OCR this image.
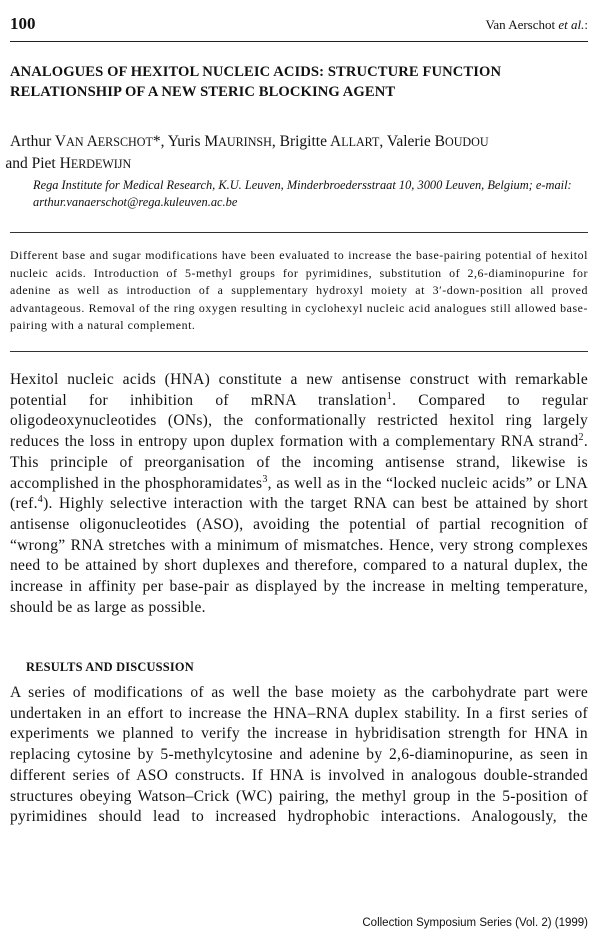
100	Van Aerschot et al.:
ANALOGUES OF HEXITOL NUCLEIC ACIDS: STRUCTURE FUNCTION RELATIONSHIP OF A NEW STERIC BLOCKING AGENT
Arthur VAN AERSCHOT*, Yuris MAURINSH, Brigitte ALLART, Valerie BOUDOU
and Piet HERDEWIJN
Rega Institute for Medical Research, K.U. Leuven, Minderbroedersstraat 10, 3000 Leuven, Belgium; e-mail: arthur.vanaerschot@rega.kuleuven.ac.be

Different base and sugar modifications have been evaluated to increase the base-pairing potential of hexitol nucleic acids. Introduction of 5-methyl groups for pyrimidines, substitution of 2,6-diaminopurine for adenine as well as introduction of a supplementary hydroxyl moiety at 3′-down-position all proved advantageous. Removal of the ring oxygen resulting in cyclohexyl nucleic acid analogues still allowed base-pairing with a natural complement.

Hexitol nucleic acids (HNA) constitute a new antisense construct with remarkable potential for inhibition of mRNA translation$^1$. Compared to regular oligodeoxynucleotides (ONs), the conformationally restricted hexitol ring largely reduces the loss in entropy upon duplex formation with a complementary RNA strand$^2$. This principle of preorganisation of the incoming antisense strand, likewise is accomplished in the phosphoramidates$^3$, as well as in the “locked nucleic acids” or LNA (ref.$^4$). Highly selective interaction with the target RNA can best be attained by short antisense oligonucleotides (ASO), avoiding the potential of partial recognition of “wrong” RNA stretches with a minimum of mismatches. Hence, very strong complexes need to be attained by short duplexes and therefore, compared to a natural duplex, the increase in affinity per base-pair as displayed by the increase in melting temperature, should be as large as possible.

RESULTS AND DISCUSSION

A series of modifications of as well the base moiety as the carbohydrate part were undertaken in an effort to increase the HNA–RNA duplex stability. In a first series of experiments we planned to verify the increase in hybridisation strength for HNA in replacing cytosine by 5-methylcytosine and adenine by 2,6-diaminopurine, as seen in different series of ASO constructs. If HNA is involved in analogous double-stranded structures obeying Watson–Crick (WC) pairing, the methyl group in the 5-position of pyrimidines should lead to increased hydrophobic interactions. Analogously, the

Collection Symposium Series (Vol. 2) (1999)
